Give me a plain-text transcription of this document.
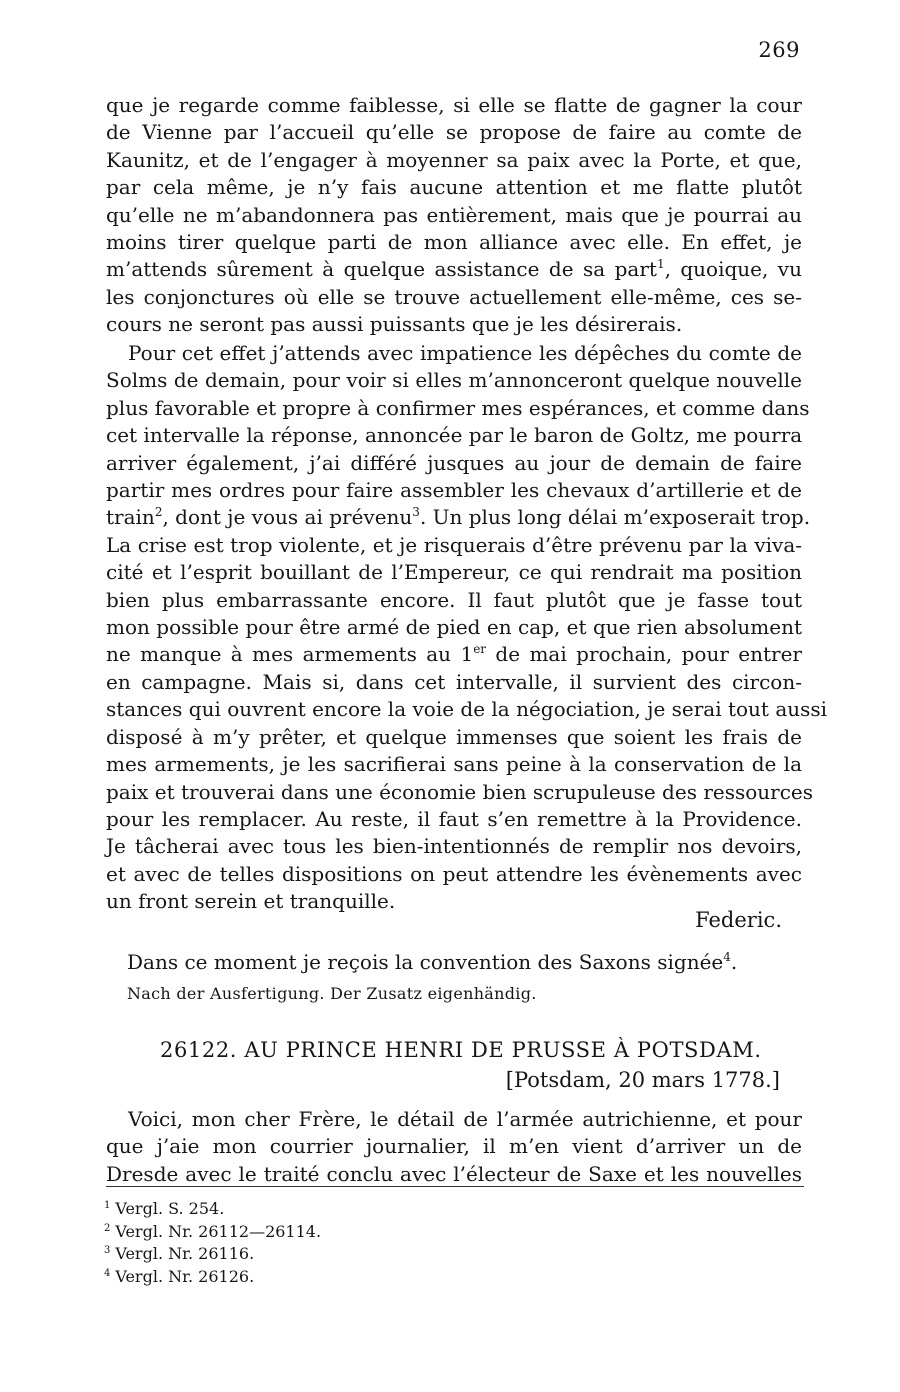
269
que je regarde comme faiblesse, si elle se flatte de gagner la cour
de Vienne par l’accueil qu’elle se propose de faire au comte de
Kaunitz, et de l’engager à moyenner sa paix avec la Porte, et que,
par cela même, je n’y fais aucune attention et me flatte plutôt
qu’elle ne m’abandonnera pas entièrement, mais que je pourrai au
moins tirer quelque parti de mon alliance avec elle. En effet, je
m’attends sûrement à quelque assistance de sa part$^1$, quoique, vu
les conjonctures où elle se trouve actuellement elle-même, ces se-
cours ne seront pas aussi puissants que je les désirerais.
Pour cet effet j’attends avec impatience les dépêches du comte de
Solms de demain, pour voir si elles m’annonceront quelque nouvelle
plus favorable et propre à confirmer mes espérances, et comme dans
cet intervalle la réponse, annoncée par le baron de Goltz, me pourra
arriver également, j’ai différé jusques au jour de demain de faire
partir mes ordres pour faire assembler les chevaux d’artillerie et de
train$^2$, dont je vous ai prévenu$^3$. Un plus long délai m’exposerait trop.
La crise est trop violente, et je risquerais d’être prévenu par la viva-
cité et l’esprit bouillant de l’Empereur, ce qui rendrait ma position
bien plus embarrassante encore. Il faut plutôt que je fasse tout
mon possible pour être armé de pied en cap, et que rien absolument
ne manque à mes armements au 1er de mai prochain, pour entrer
en campagne. Mais si, dans cet intervalle, il survient des circon-
stances qui ouvrent encore la voie de la négociation, je serai tout aussi
disposé à m’y prêter, et quelque immenses que soient les frais de
mes armements, je les sacrifierai sans peine à la conservation de la
paix et trouverai dans une économie bien scrupuleuse des ressources
pour les remplacer. Au reste, il faut s’en remettre à la Providence.
Je tâcherai avec tous les bien-intentionnés de remplir nos devoirs,
et avec de telles dispositions on peut attendre les évènements avec
un front serein et tranquille.
Federic.
Dans ce moment je reçois la convention des Saxons signée$^4$.
Nach der Ausfertigung. Der Zusatz eigenhändig.
26122. AU PRINCE HENRI DE PRUSSE À POTSDAM.
[Potsdam, 20 mars 1778.]
Voici, mon cher Frère, le détail de l’armée autrichienne, et pour
que j’aie mon courrier journalier, il m’en vient d’arriver un de
Dresde avec le traité conclu avec l’électeur de Saxe et les nouvelles
$^1$ Vergl. S. 254.
$^2$ Vergl. Nr. 26112—26114.
$^3$ Vergl. Nr. 26116.
$^4$ Vergl. Nr. 26126.
